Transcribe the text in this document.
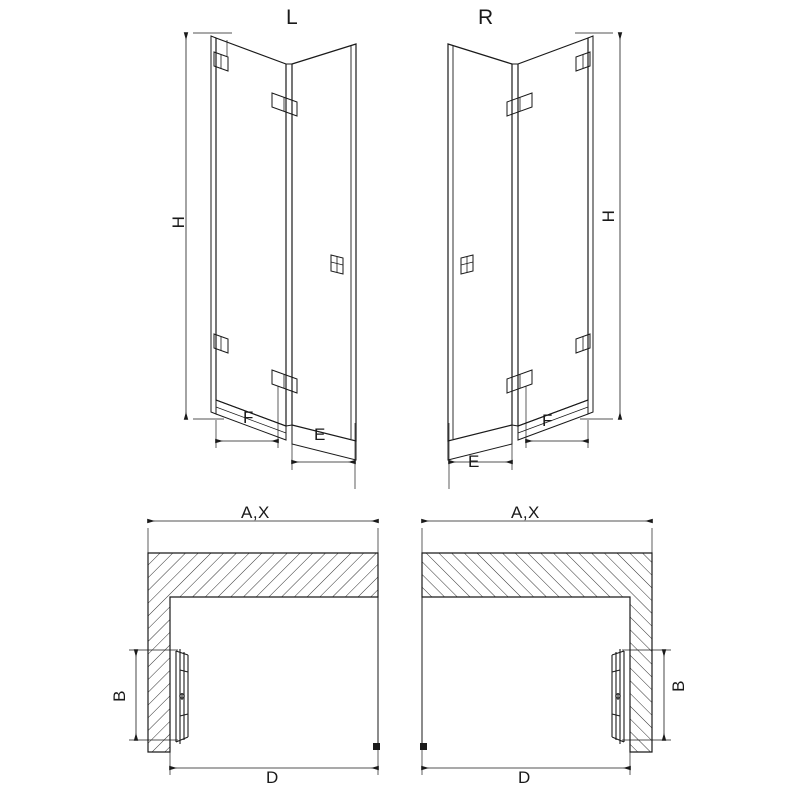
L	R
H	H
F
E
E
F
A,X	A,X
B
B
D	D
